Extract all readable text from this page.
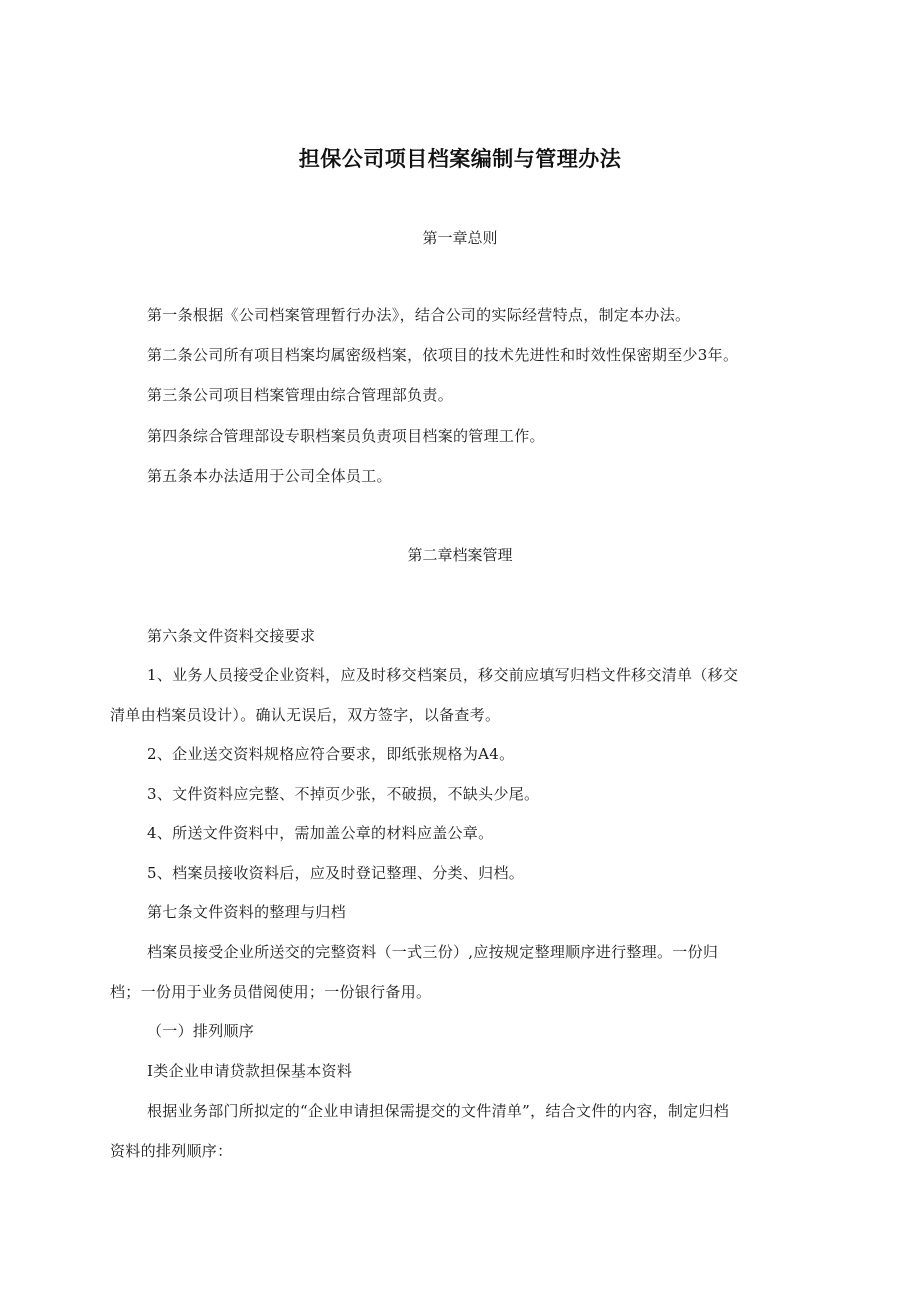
担保公司项目档案编制与管理办法
第一章总则
第一条根据《公司档案管理暂行办法》，结合公司的实际经营特点，制定本办法。
第二条公司所有项目档案均属密级档案，依项目的技术先进性和时效性保密期至少3年。
第三条公司项目档案管理由综合管理部负责。
第四条综合管理部设专职档案员负责项目档案的管理工作。
第五条本办法适用于公司全体员工。
第二章档案管理
第六条文件资料交接要求
1、业务人员接受企业资料，应及时移交档案员，移交前应填写归档文件移交清单（移交
清单由档案员设计）。确认无误后，双方签字，以备查考。
2、企业送交资料规格应符合要求，即纸张规格为A4。
3、文件资料应完整、不掉页少张，不破损，不缺头少尾。
4、所送文件资料中，需加盖公章的材料应盖公章。
5、档案员接收资料后，应及时登记整理、分类、归档。
第七条文件资料的整理与归档
档案员接受企业所送交的完整资料（一式三份）,应按规定整理顺序进行整理。一份归
档；一份用于业务员借阅使用；一份银行备用。
（一）排列顺序
Ⅰ类企业申请贷款担保基本资料
根据业务部门所拟定的“企业申请担保需提交的文件清单”，结合文件的内容，制定归档
资料的排列顺序：
